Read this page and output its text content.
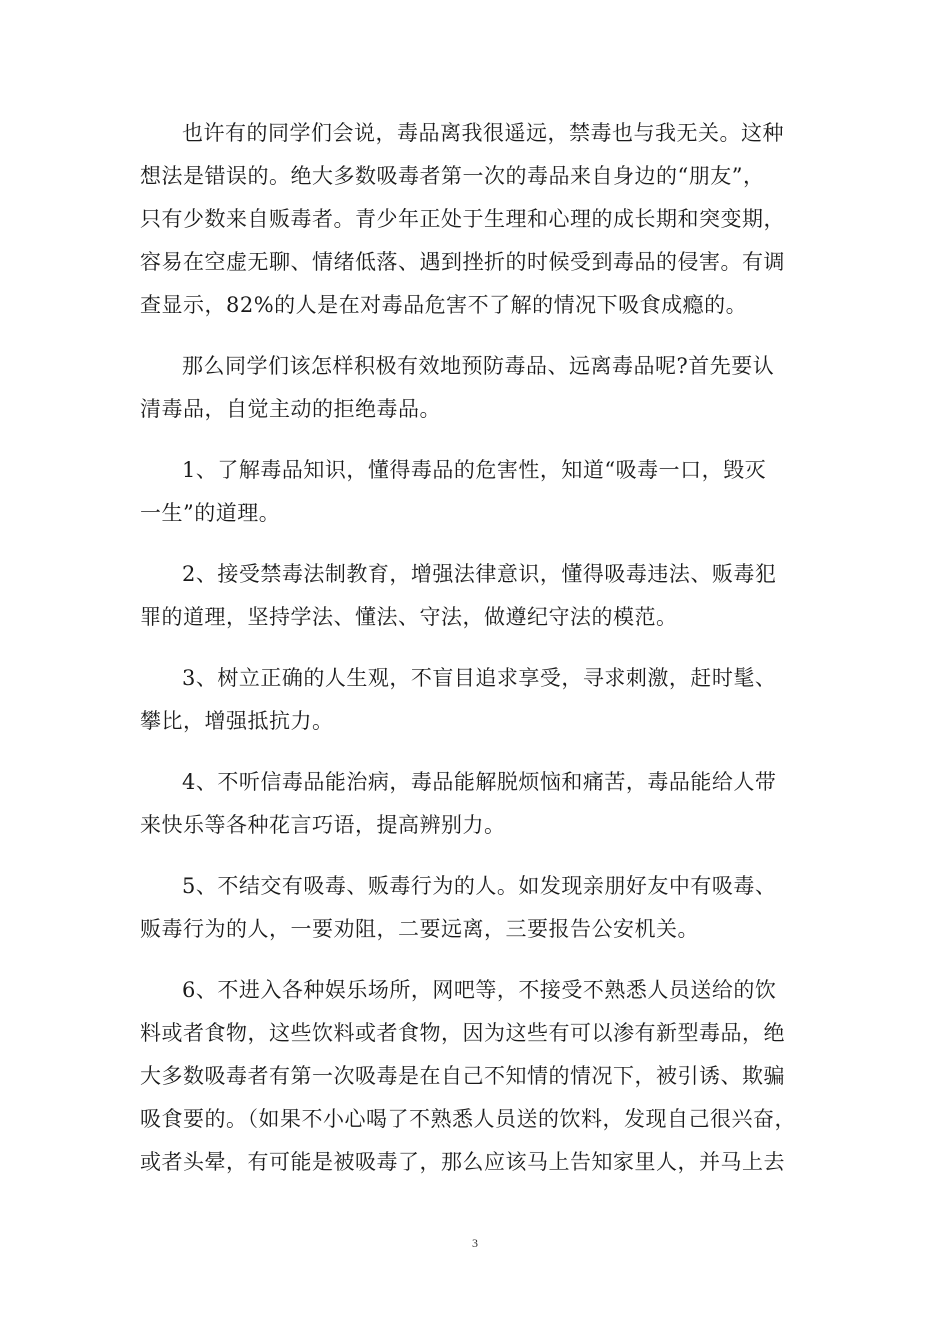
也许有的同学们会说，毒品离我很遥远，禁毒也与我无关。这种
想法是错误的。绝大多数吸毒者第一次的毒品来自身边的“朋友”，
只有少数来自贩毒者。青少年正处于生理和心理的成长期和突变期，
容易在空虚无聊、情绪低落、遇到挫折的时候受到毒品的侵害。有调
查显示，82%的人是在对毒品危害不了解的情况下吸食成瘾的。

那么同学们该怎样积极有效地预防毒品、远离毒品呢?首先要认
清毒品，自觉主动的拒绝毒品。

1、了解毒品知识，懂得毒品的危害性，知道“吸毒一口，毁灭
一生”的道理。

2、接受禁毒法制教育，增强法律意识，懂得吸毒违法、贩毒犯
罪的道理，坚持学法、懂法、守法，做遵纪守法的模范。

3、树立正确的人生观，不盲目追求享受，寻求刺激，赶时髦、
攀比，增强抵抗力。

4、不听信毒品能治病，毒品能解脱烦恼和痛苦，毒品能给人带
来快乐等各种花言巧语，提高辨别力。

5、不结交有吸毒、贩毒行为的人。如发现亲朋好友中有吸毒、
贩毒行为的人，一要劝阻，二要远离，三要报告公安机关。

6、不进入各种娱乐场所，网吧等，不接受不熟悉人员送给的饮
料或者食物，这些饮料或者食物，因为这些有可以渗有新型毒品，绝
大多数吸毒者有第一次吸毒是在自己不知情的情况下，被引诱、欺骗
吸食要的。（如果不小心喝了不熟悉人员送的饮料，发现自己很兴奋，
或者头晕，有可能是被吸毒了，那么应该马上告知家里人，并马上去

3
